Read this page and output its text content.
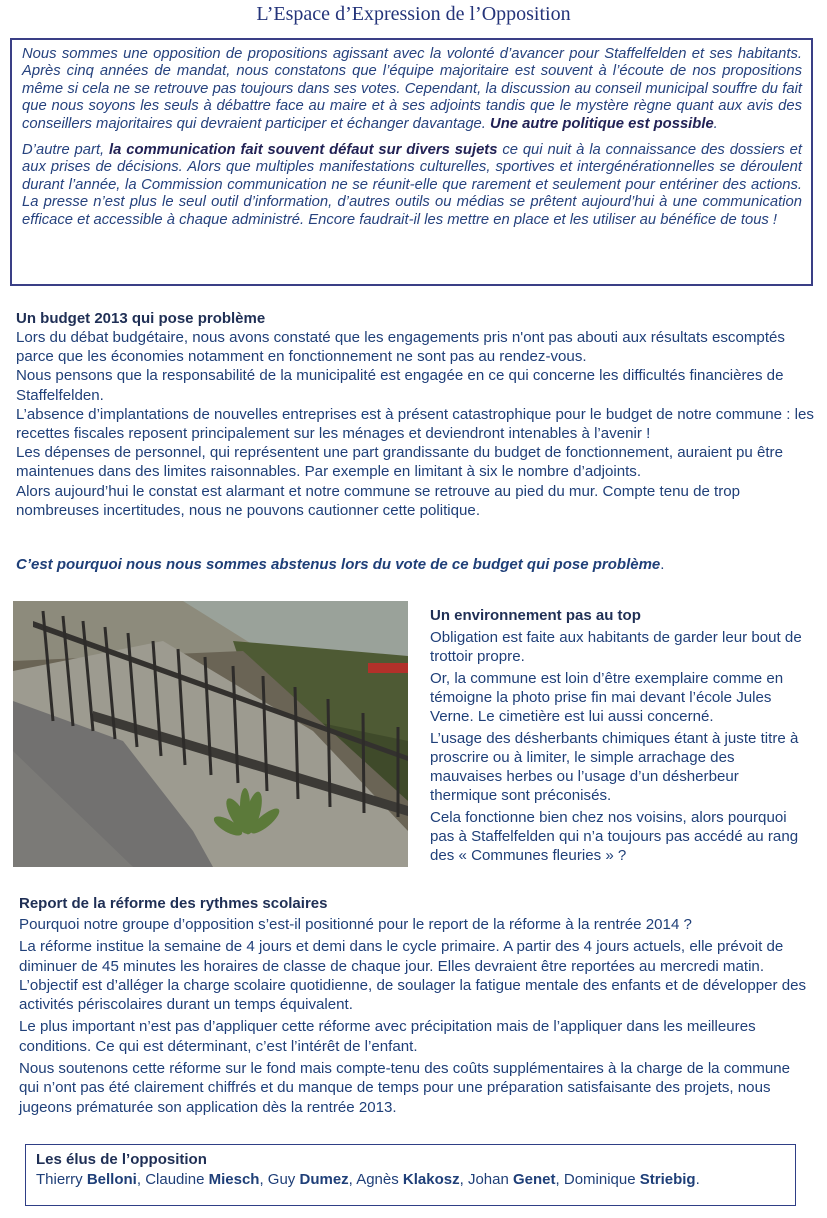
L’Espace d’Expression de l’Opposition

Nous sommes une opposition de propositions agissant avec la volonté d’avancer pour Staffelfelden et ses habitants. Après cinq années de mandat, nous constatons que l’équipe majoritaire est souvent à l’écoute de nos propositions même si cela ne se retrouve pas toujours dans ses votes. Cependant, la discussion au conseil municipal souffre du fait que nous soyons les seuls à débattre face au maire et à ses adjoints tandis que le mystère règne quant aux avis des conseillers majoritaires qui devraient participer et échanger davantage. Une autre politique est possible.

D’autre part, la communication fait souvent défaut sur divers sujets ce qui nuit à la connaissance des dossiers et aux prises de décisions. Alors que multiples manifestations culturelles, sportives et intergénérationnelles se déroulent durant l’année, la Commission communication ne se réunit-elle que rarement et seulement pour entériner des actions. La presse n’est plus le seul outil d’information, d’autres outils ou médias se prêtent aujourd’hui à une communication efficace et accessible à chaque administré. Encore faudrait-il les mettre en place et les utiliser au bénéfice de tous !

Un budget 2013 qui pose problème

Lors du débat budgétaire, nous avons constaté que les engagements pris n'ont pas abouti aux résultats escomptés parce que les économies notamment en fonctionnement ne sont pas au rendez-vous.

Nous pensons que la responsabilité de la municipalité est engagée en ce qui concerne les difficultés financières de Staffelfelden.

L’absence d’implantations de nouvelles entreprises est à présent catastrophique pour le budget de notre commune : les recettes fiscales reposent principalement sur les ménages et deviendront intenables à l’avenir !

Les dépenses de personnel, qui représentent une part grandissante du budget de fonctionnement, auraient pu être maintenues dans des limites raisonnables. Par exemple en limitant à six le nombre d’adjoints.

Alors aujourd’hui le constat est alarmant et notre commune se retrouve au pied du mur. Compte tenu de trop nombreuses incertitudes, nous ne pouvons cautionner cette politique.

C’est pourquoi nous nous sommes abstenus lors du vote de ce budget qui pose problème.
Un environnement pas au top

Obligation est faite aux habitants de garder leur bout de trottoir propre.

Or, la commune est loin d’être exemplaire comme en témoigne la photo prise fin mai devant l’école Jules Verne. Le cimetière est lui aussi concerné.

L’usage des désherbants chimiques étant à juste titre à proscrire ou à limiter, le simple arrachage des mauvaises herbes ou l’usage d’un désherbeur thermique sont préconisés.

Cela fonctionne bien chez nos voisins, alors pourquoi pas à Staffelfelden qui n’a toujours pas accédé au rang des « Communes fleuries » ?

Report de la réforme des rythmes scolaires

Pourquoi notre groupe d’opposition s’est-il positionné pour le report de la réforme à la rentrée 2014 ?

La réforme institue la semaine de 4 jours et demi dans le cycle primaire. A partir des 4 jours actuels, elle prévoit de diminuer de 45 minutes les horaires de classe de chaque jour. Elles devraient être reportées au mercredi matin. L’objectif est d’alléger la charge scolaire quotidienne, de soulager la fatigue mentale des enfants et de développer des activités périscolaires durant un temps équivalent.

Le plus important n’est pas d’appliquer cette réforme avec précipitation mais de l’appliquer dans les meilleures conditions. Ce qui est déterminant, c’est l’intérêt de l’enfant.

Nous soutenons cette réforme sur le fond mais compte-tenu des coûts supplémentaires à la charge de la commune qui n’ont pas été clairement chiffrés et du manque de temps pour une préparation satisfaisante des projets, nous jugeons prématurée son application dès la rentrée 2013.

Les élus de l’opposition
Thierry Belloni, Claudine Miesch, Guy Dumez, Agnès Klakosz, Johan Genet, Dominique Striebig.
